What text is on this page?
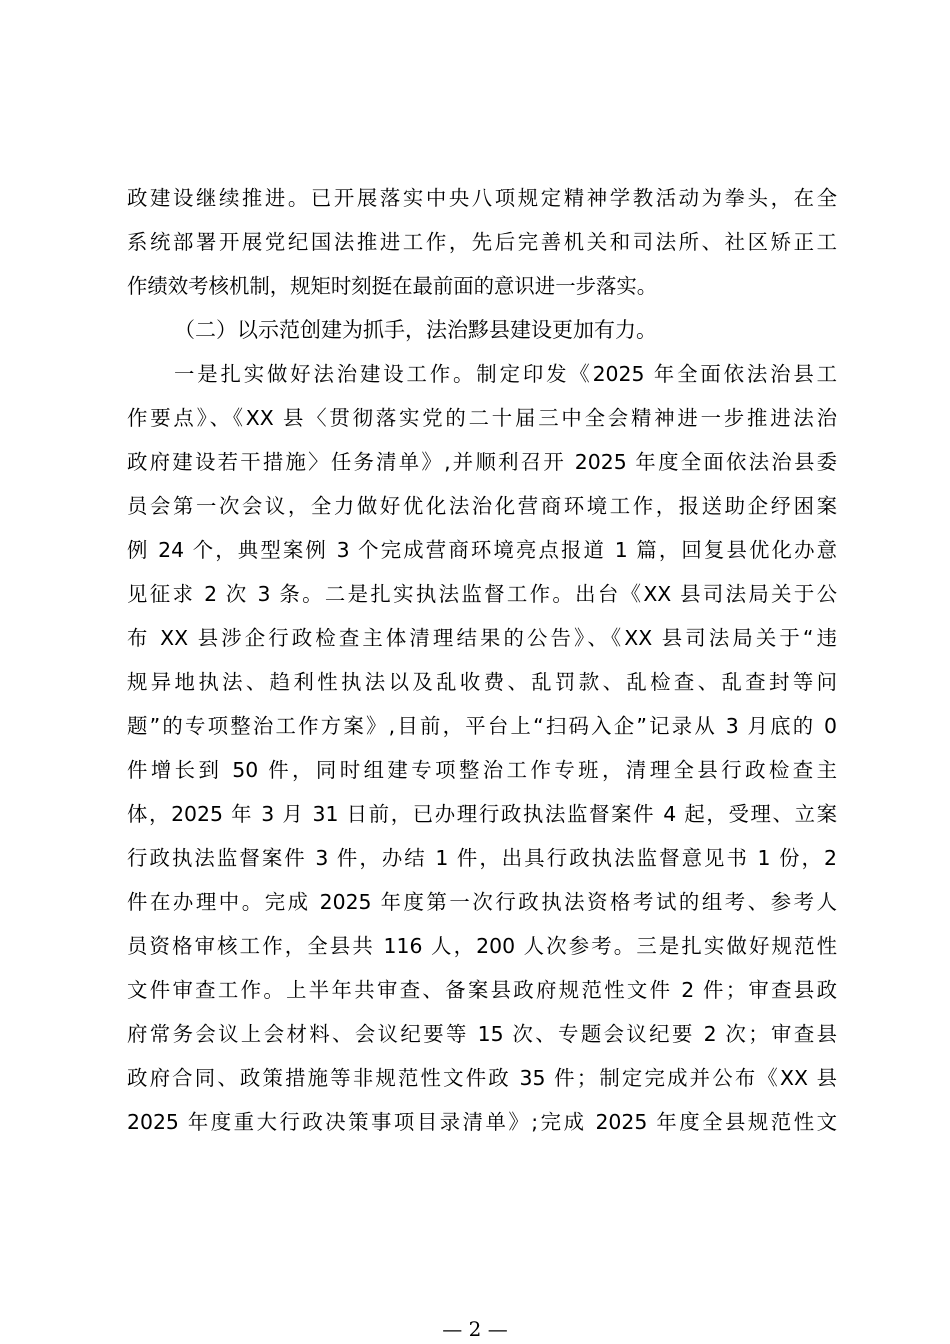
政建设继续推进。已开展落实中央八项规定精神学教活动为拳头，在全
系统部署开展党纪国法推进工作，先后完善机关和司法所、社区矫正工
作绩效考核机制，规矩时刻挺在最前面的意识进一步落实。
（二）以示范创建为抓手，法治黟县建设更加有力。
一是扎实做好法治建设工作。制定印发《2025 年全面依法治县工
作要点》、《XX 县〈贯彻落实党的二十届三中全会精神进一步推进法治
政府建设若干措施〉任务清单》,并顺利召开 2025 年度全面依法治县委
员会第一次会议，全力做好优化法治化营商环境工作，报送助企纾困案
例 24 个，典型案例 3 个完成营商环境亮点报道 1 篇，回复县优化办意
见征求 2 次 3 条。二是扎实执法监督工作。出台《XX 县司法局关于公
布 XX 县涉企行政检查主体清理结果的公告》、《XX 县司法局关于“违
规异地执法、趋利性执法以及乱收费、乱罚款、乱检查、乱查封等问
题”的专项整治工作方案》,目前，平台上“扫码入企”记录从 3 月底的 0
件增长到 50 件，同时组建专项整治工作专班，清理全县行政检查主
体，2025 年 3 月 31 日前，已办理行政执法监督案件 4 起，受理、立案
行政执法监督案件 3 件，办结 1 件，出具行政执法监督意见书 1 份，2
件在办理中。完成 2025 年度第一次行政执法资格考试的组考、参考人
员资格审核工作，全县共 116 人，200 人次参考。三是扎实做好规范性
文件审查工作。上半年共审查、备案县政府规范性文件 2 件；审查县政
府常务会议上会材料、会议纪要等 15 次、专题会议纪要 2 次；审查县
政府合同、政策措施等非规范性文件政 35 件；制定完成并公布《XX 县
2025 年度重大行政决策事项目录清单》;完成 2025 年度全县规范性文
— 2 —
